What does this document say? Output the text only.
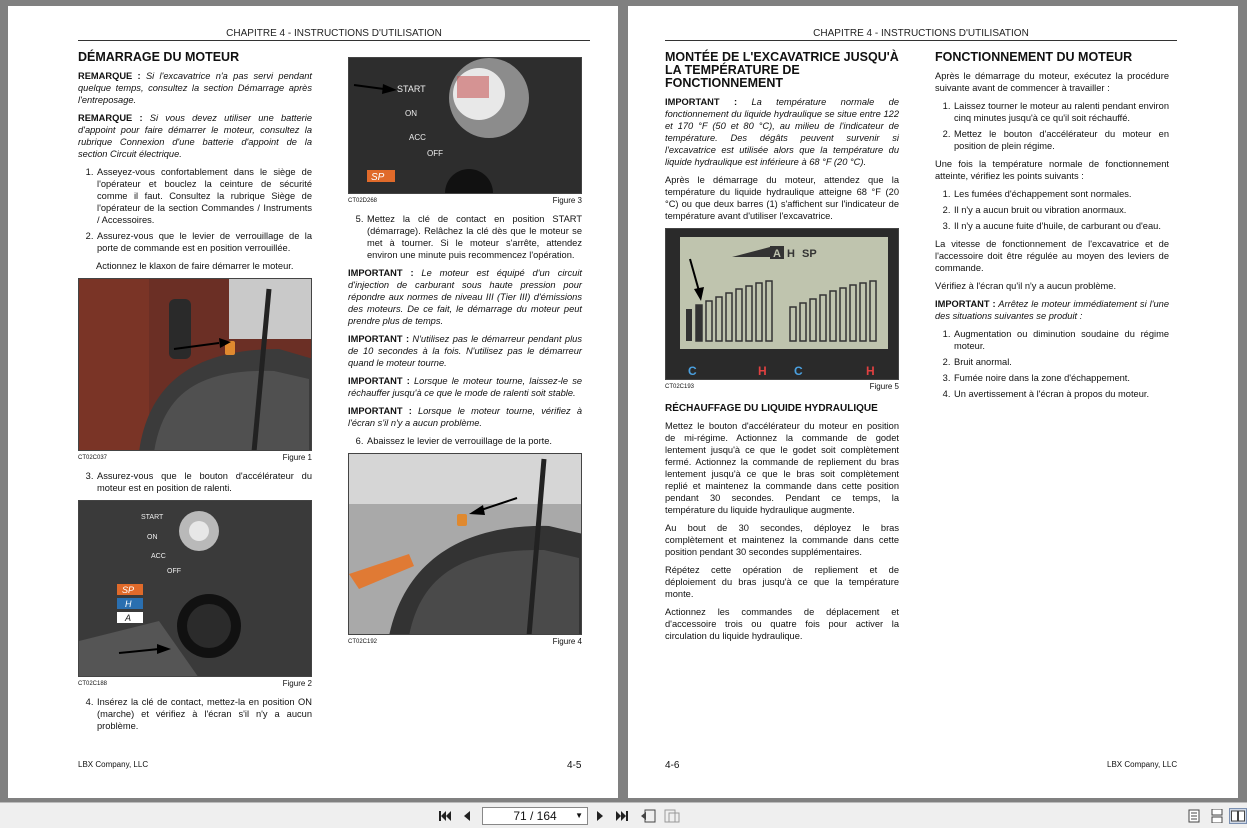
CHAPITRE 4 - INSTRUCTIONS D'UTILISATION
DÉMARRAGE DU MOTEUR

REMARQUE : Si l'excavatrice n'a pas servi pendant quelque temps, consultez la section Démarrage après l'entreposage.

REMARQUE : Si vous devez utiliser une batterie d'appoint pour faire démarrer le moteur, consultez la rubrique Connexion d'une batterie d'appoint de la section Circuit électrique.

1. Asseyez-vous confortablement dans le siège de l'opérateur et bouclez la ceinture de sécurité comme il faut. Consultez la rubrique Siège de l'opérateur de la section Commandes / Instruments / Accessoires.
2. Assurez-vous que le levier de verrouillage de la porte de commande est en position verrouillée.

Actionnez le klaxon de faire démarrer le moteur.

CT02C037	Figure 1
3. Assurez-vous que le bouton d'accélérateur du moteur est en position de ralenti.
START
ON
ACC
OFF
SP
H
A
CT02C188	Figure 2
4. Insérez la clé de contact, mettez-la en position ON (marche) et vérifiez à l'écran s'il n'y a aucun problème.
START
ON
ACC
OFF
SP
CT02D268	Figure 3
5. Mettez la clé de contact en position START (démarrage). Relâchez la clé dès que le moteur se met à tourner. Si le moteur s'arrête, attendez environ une minute puis recommencez l'opération.

IMPORTANT : Le moteur est équipé d'un circuit d'injection de carburant sous haute pression pour répondre aux normes de niveau III (Tier III) d'émissions des moteurs. De ce fait, le démarrage du moteur peut prendre plus de temps.

IMPORTANT : N'utilisez pas le démarreur pendant plus de 10 secondes à la fois. N'utilisez pas le démarreur quand le moteur tourne.

IMPORTANT : Lorsque le moteur tourne, laissez-le se réchauffer jusqu'à ce que le mode de ralenti soit stable.

IMPORTANT : Lorsque le moteur tourne, vérifiez à l'écran s'il n'y a aucun problème.

6. Abaissez le levier de verrouillage de la porte.
CT02C192	Figure 4
LBX Company, LLC	4-5
CHAPITRE 4 - INSTRUCTIONS D'UTILISATION
MONTÉE DE L'EXCAVATRICE JUSQU'À LA TEMPÉRATURE DE FONCTIONNEMENT

IMPORTANT : La température normale de fonctionnement du liquide hydraulique se situe entre 122 et 170 °F (50 et 80 °C), au milieu de l'indicateur de température. Des dégâts peuvent survenir si l'excavatrice est utilisée alors que la température du liquide hydraulique est inférieure à 68 °F (20 °C).

Après le démarrage du moteur, attendez que la température du liquide hydraulique atteigne 68 °F (20 °C) ou que deux barres (1) s'affichent sur l'indicateur de température avant d'utiliser l'excavatrice.

A H SP
C	H C	H
CT02C193	Figure 5
RÉCHAUFFAGE DU LIQUIDE HYDRAULIQUE

Mettez le bouton d'accélérateur du moteur en position de mi-régime. Actionnez la commande de godet lentement jusqu'à ce que le godet soit complètement fermé. Actionnez la commande de repliement du bras lentement jusqu'à ce que le bras soit complètement replié et maintenez la commande dans cette position pendant 30 secondes. Pendant ce temps, la température du liquide hydraulique augmente.

Au bout de 30 secondes, déployez le bras complètement et maintenez la commande dans cette position pendant 30 secondes supplémentaires.

Répétez cette opération de repliement et de déploiement du bras jusqu'à ce que la température monte.

Actionnez les commandes de déplacement et d'accessoire trois ou quatre fois pour activer la circulation du liquide hydraulique.

FONCTIONNEMENT DU MOTEUR

Après le démarrage du moteur, exécutez la procédure suivante avant de commencer à travailler :

1. Laissez tourner le moteur au ralenti pendant environ cinq minutes jusqu'à ce qu'il soit réchauffé.
2. Mettez le bouton d'accélérateur du moteur en position de plein régime.

Une fois la température normale de fonctionnement atteinte, vérifiez les points suivants :

1. Les fumées d'échappement sont normales.
2. Il n'y a aucun bruit ou vibration anormaux.
3. Il n'y a aucune fuite d'huile, de carburant ou d'eau.

La vitesse de fonctionnement de l'excavatrice et de l'accessoire doit être régulée au moyen des leviers de commande.

Vérifiez à l'écran qu'il n'y a aucun problème.

IMPORTANT : Arrêtez le moteur immédiatement si l'une des situations suivantes se produit :

1. Augmentation ou diminution soudaine du régime moteur.
2. Bruit anormal.
3. Fumée noire dans la zone d'échappement.
4. Un avertissement à l'écran à propos du moteur.
4-6	LBX Company, LLC
71 / 164 ▼
